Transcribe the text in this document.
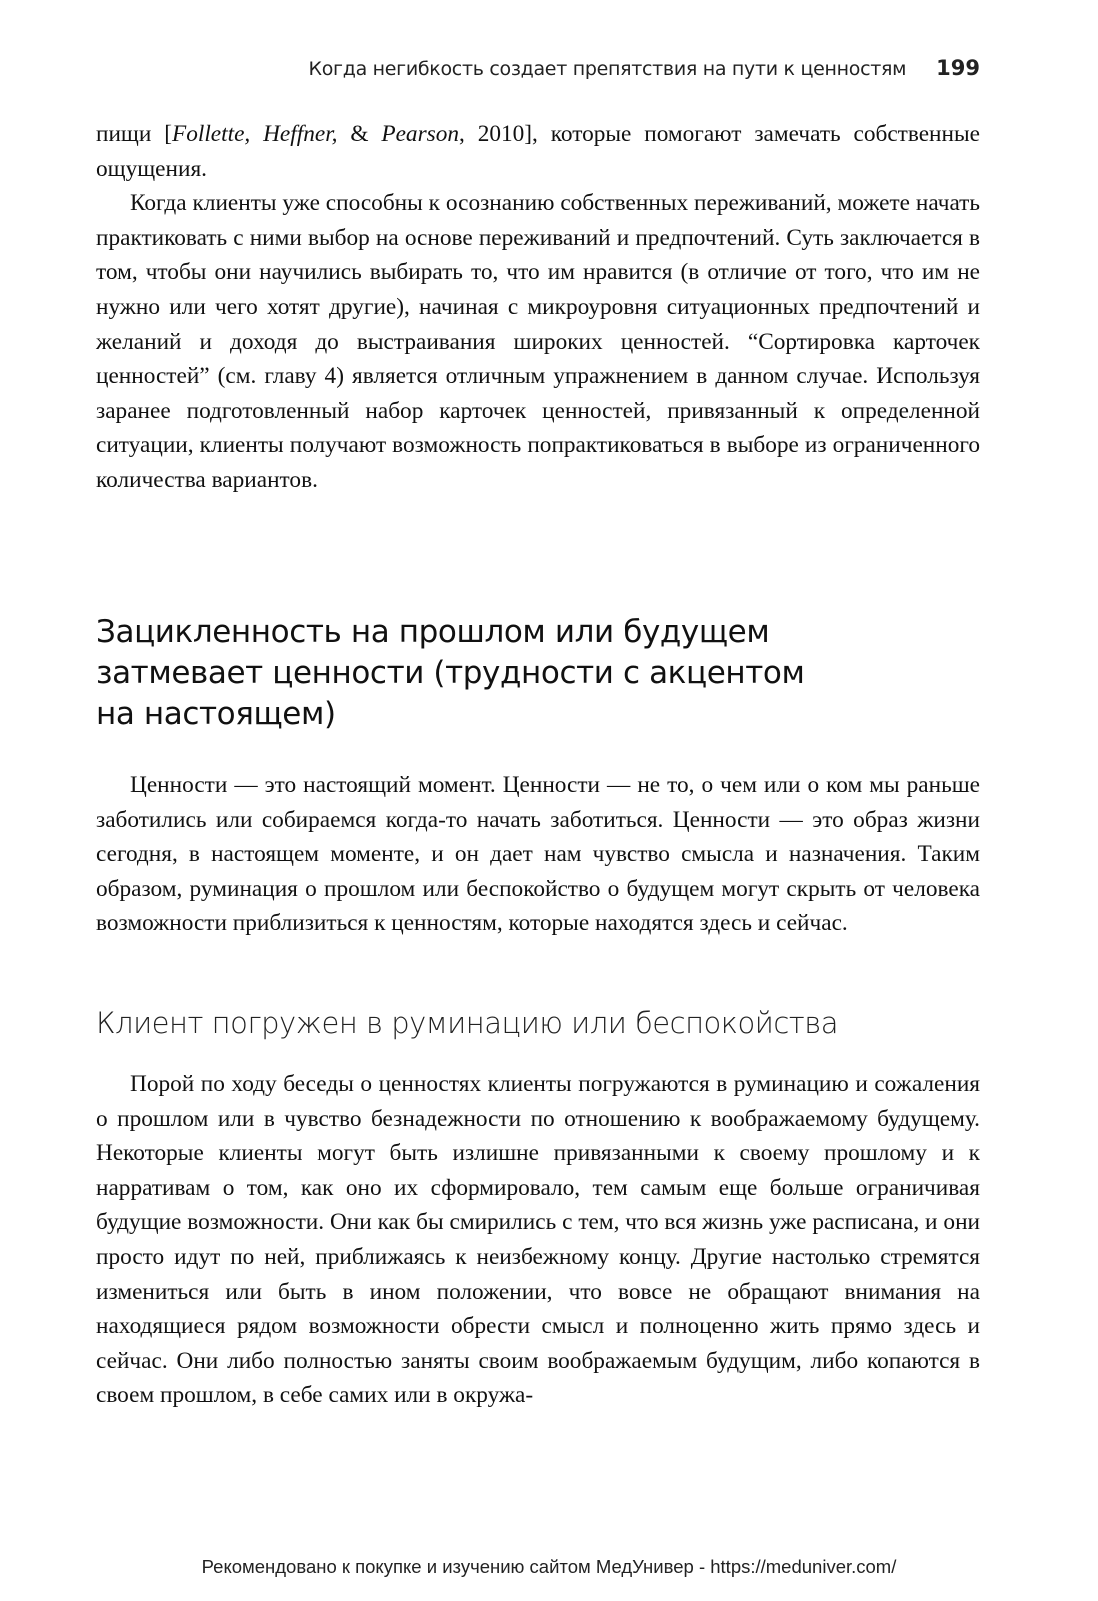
Когда негибкость создает препятствия на пути к ценностям 199

пищи [Follette, Heffner, & Pearson, 2010], которые помогают замечать собственные ощущения.

Когда клиенты уже способны к осознанию собственных переживаний, можете начать практиковать с ними выбор на основе переживаний и предпочтений. Суть заключается в том, чтобы они научились выбирать то, что им нравится (в отличие от того, что им не нужно или чего хотят другие), начиная с микроуровня ситуационных предпочтений и желаний и доходя до выстраивания широких ценностей. “Сортировка карточек ценностей” (см. главу 4) является отличным упражнением в данном случае. Используя заранее подготовленный набор карточек ценностей, привязанный к определенной ситуации, клиенты получают возможность попрактиковаться в выборе из ограниченного количества вариантов.

Зацикленность на прошлом или будущем
затмевает ценности (трудности с акцентом
на настоящем)

Ценности — это настоящий момент. Ценности — не то, о чем или о ком мы раньше заботились или собираемся когда-то начать заботиться. Ценности — это образ жизни сегодня, в настоящем моменте, и он дает нам чувство смысла и назначения. Таким образом, руминация о прошлом или беспокойство о будущем могут скрыть от человека возможности приблизиться к ценностям, которые находятся здесь и сейчас.

Клиент погружен в руминацию или беспокойства

Порой по ходу беседы о ценностях клиенты погружаются в руминацию и сожаления о прошлом или в чувство безнадежности по отношению к воображаемому будущему. Некоторые клиенты могут быть излишне привязанными к своему прошлому и к нарративам о том, как оно их сформировало, тем самым еще больше ограничивая будущие возможности. Они как бы смирились с тем, что вся жизнь уже расписана, и они просто идут по ней, приближаясь к неизбежному концу. Другие настолько стремятся измениться или быть в ином положении, что вовсе не обращают внимания на находящиеся рядом возможности обрести смысл и полноценно жить прямо здесь и сейчас. Они либо полностью заняты своим воображаемым будущим, либо копаются в своем прошлом, в себе самих или в окружа-

Рекомендовано к покупке и изучению сайтом МедУнивер - https://meduniver.com/
